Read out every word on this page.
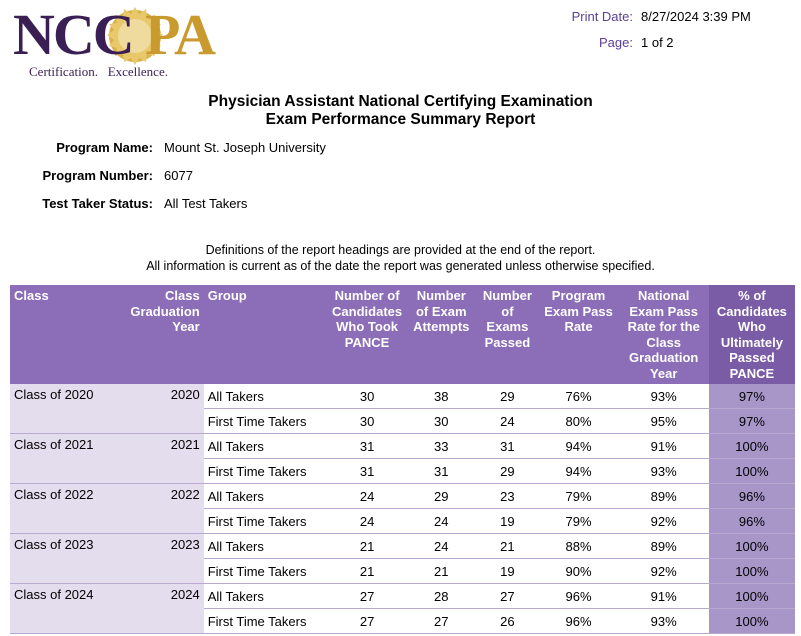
NCC PA
Certification.   Excellence.
Print Date: 8/27/2024 3:39 PM
Page: 1 of 2
Physician Assistant National Certifying Examination
Exam Performance Summary Report
Program Name: Mount St. Joseph University
Program Number: 6077
Test Taker Status: All Test Takers
Definitions of the report headings are provided at the end of the report.
All information is current as of the date the report was generated unless otherwise specified.
Class	Class Graduation Year	Group	Number of Candidates Who Took PANCE	Number of Exam Attempts	Number of Exams Passed	Program Exam Pass Rate	National Exam Pass Rate for the Class Graduation Year	% of Candidates Who Ultimately Passed PANCE
Class of 2020	2020	All Takers	30	38	29	76%	93%	97%
		First Time Takers	30	30	24	80%	95%	97%
Class of 2021	2021	All Takers	31	33	31	94%	91%	100%
		First Time Takers	31	31	29	94%	93%	100%
Class of 2022	2022	All Takers	24	29	23	79%	89%	96%
		First Time Takers	24	24	19	79%	92%	96%
Class of 2023	2023	All Takers	21	24	21	88%	89%	100%
		First Time Takers	21	21	19	90%	92%	100%
Class of 2024	2024	All Takers	27	28	27	96%	91%	100%
		First Time Takers	27	27	26	96%	93%	100%
